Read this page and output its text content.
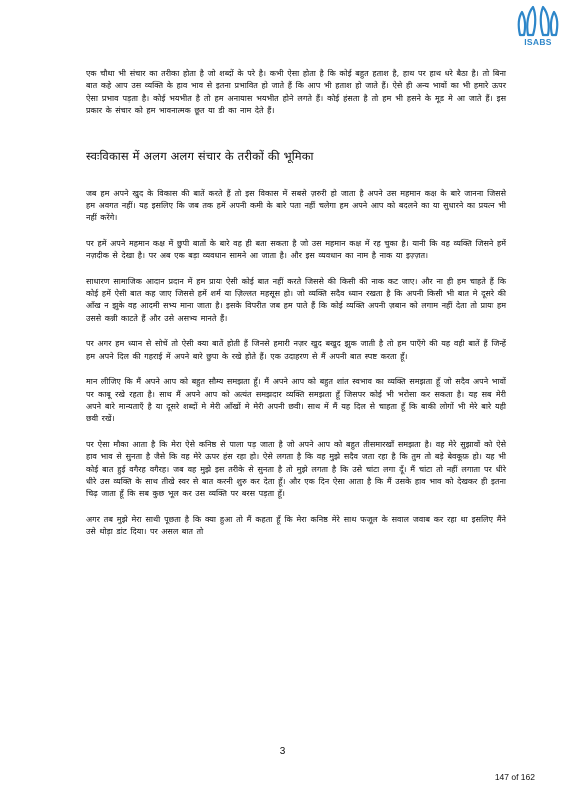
ISABS

एक चौथा भी संचार का तरीका होता है जो शब्दों के परे है। कभी ऐसा होता है कि कोई बहुत हताश है, हाथ पर हाथ धरे बैठा है। तो बिना बात कहे आप उस व्यक्ति के हाव भाव से इतना प्रभावित हो जाते हैं कि आप भी हताश हो जाते हैं। ऐसे ही अन्य भावों का भी हमारे ऊपर ऐसा प्रभाव पड़ता है। कोई भयभीत है तो हम अनायास भयभीत होने लगते हैं। कोई हंसता है तो हम भी हसने के मूड मे आ जाते हैं। इस प्रकार के संचार को हम भावनात्मक छूत या डी का नाम देते हैं।

स्वःविकास में अलग अलग संचार के तरीकों की भूमिका

जब हम अपने खुद के विकास की बातें करते हैं तो इस विकास में सबसे ज़रुरी हो जाता है अपने उस महमान कक्ष के बारे जानना जिससे हम अवगत नहीं। यह इसलिए कि जब तक हमें अपनी कमी के बारे पता नहीं चलेगा हम अपने आप को बदलने का या सुधारने का प्रयत्न भी नहीं करेंगे।

पर हमें अपने महमान कक्ष में छुपी बातों के बारे वह ही बता सकता है जो उस महमान कक्ष में रह चुका है। यानी कि वह व्यक्ति जिसने हमें नज़दीक से देखा है। पर अब एक बड़ा व्यवधान सामने आ जाता है। और इस व्यवधान का नाम है नाक या इज़्ज़त।

साधारण सामाजिक आदान प्रदान में हम प्रायः ऐसी कोई बात नहीं करते जिससे की किसी की नाक कट जाए। और ना ही हम चाहते हैं कि कोई हमें ऐसी बात कह जाए जिससे हमें शर्म या ज़िल्लत महसूस हो। जो व्यक्ति सदैव ध्यान रखता है कि अपनी किसी भी बात मे दूसरे की आँख न झुके वह आदमी सभ्य माना जाता है। इसके विपरीत जब हम पाते हैं कि कोई व्यक्ति अपनी ज़बान को लगाम नहीं देता तो प्रायः हम उससे कन्नी काटते हैं और उसे असभ्य मानते हैं।

पर अगर हम ध्यान से सोचें तो ऐसी क्या बातें होती हैं जिनसे हमारी नज़र खुद बखुद झुक जाती है तो हम पाएँगे की यह वही बातें हैं जिन्हें हम अपने दिल की गहराई में अपने बारे छुपा के रखे होते हैं। एक उदाहरण से मैं अपनी बात स्पष्ट करता हूँ।

मान लीजिए कि मैं अपने आप को बहुत सौम्य समझता हूँ। मैं अपने आप को बहुत शांत स्वभाव का व्यक्ति समझता हूँ जो सदैव अपने भावों पर काबू रखे रहता है। साथ मैं अपने आप को अत्यंत समझदार व्यक्ति समझता हूँ जिसपर कोई भी भरोसा कर सकता है। यह सब मेरी अपने बारे मान्यताएँ है या दूसरे शब्दों मे मेरी आँखों मे मेरी अपनी छवी। साथ में मैं यह दिल से चाहता हूँ कि बाकी लोगों भी मेरे बारे यही छवी रखें।

पर ऐसा मौका आता है कि मेरा ऐसे कनिष्ठ से पाला पड़ जाता है जो अपने आप को बहुत तीसमारखाँ समझता है। वह मेरे सुझावों को ऐसे हाव भाव से सुनता है जैसे कि वह मेरे ऊपर हंस रहा हो। ऐसे लगता है कि वह मुझे सदैव जता रहा है कि तुम तो बड़े बेवकूफ़ हो। यह भी कोई बात हुई वगैरह वगैरह। जब वह मुझे इस तरीके से सुनता है तो मुझे लगता है कि उसे चांटा लगा दूँ। मैं चांटा तो नहीं लगाता पर धीरे धीरे उस व्यक्ति के साथ तीखे स्वर से बात करनी शुरु कर देता हूँ। और एक दिन ऐसा आता है कि मैं उसके हाव भाव को देखकर ही इतना चिढ़ जाता हूँ कि सब कुछ भूल कर उस व्यक्ति पर बरस पड़ता हूँ।

अगर तब मुझे मेरा साथी पूछता है कि क्या हुआ तो मैं कहता हूँ कि मेरा कनिष्ठ मेरे साथ फजूल के सवाल जवाब कर रहा था इसलिए मैंने उसे थोड़ा डांट दिया। पर असल बात तो

3
147 of 162
